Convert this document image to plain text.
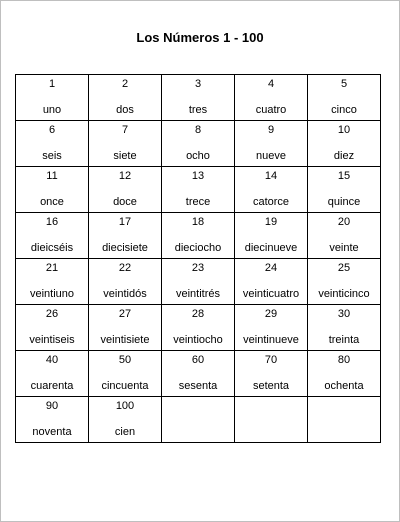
Los Números 1 - 100
1
uno	2
dos	3
tres	4
cuatro	5
cinco

6
seis	7
siete	8
ocho	9
nueve	10
diez

11
once	12
doce	13
trece	14
catorce	15
quince

16
dieicséis	17
diecisiete	18
dieciocho	19
diecinueve	20
veinte

21
veintiuno	22
veintidós	23
veintitrés	24
veinticuatro	25
veinticinco

26
veintiseis	27
veintisiete	28
veintiocho	29
veintinueve	30
treinta

40
cuarenta	50
cincuenta	60
sesenta	70
setenta	80
ochenta

90
noventa	100
cien			
